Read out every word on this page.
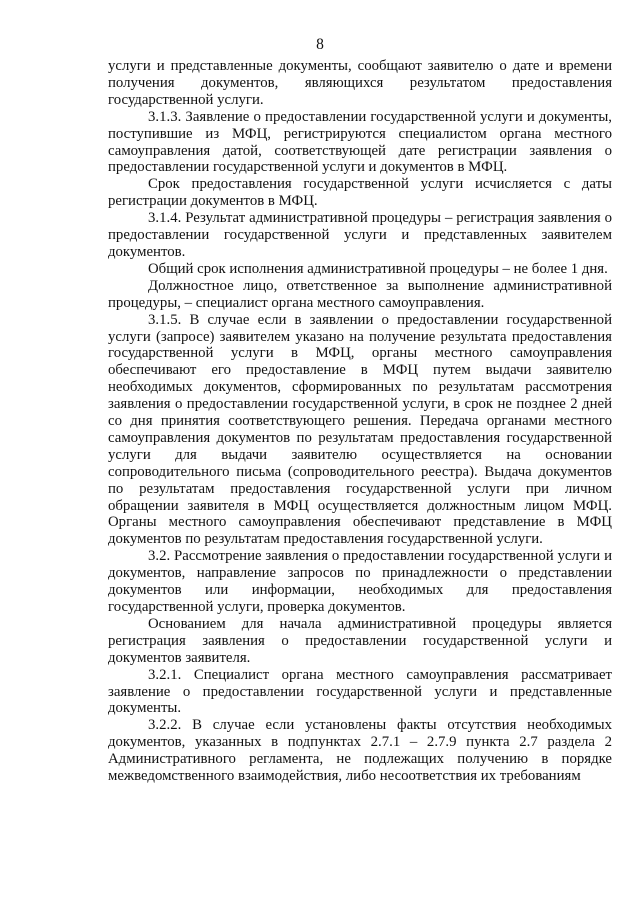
8

услуги и представленные документы, сообщают заявителю о дате и времени получения документов, являющихся результатом предоставления государственной услуги.

3.1.3. Заявление о предоставлении государственной услуги и документы, поступившие из МФЦ, регистрируются специалистом органа местного самоуправления датой, соответствующей дате регистрации заявления о предоставлении государственной услуги и документов в МФЦ.

Срок предоставления государственной услуги исчисляется с даты регистрации документов в МФЦ.

3.1.4. Результат административной процедуры – регистрация заявления о предоставлении государственной услуги и представленных заявителем документов.

Общий срок исполнения административной процедуры – не более 1 дня.

Должностное лицо, ответственное за выполнение административной процедуры, – специалист органа местного самоуправления.

3.1.5. В случае если в заявлении о предоставлении государственной услуги (запросе) заявителем указано на получение результата предоставления государственной услуги в МФЦ, органы местного самоуправления обеспечивают его предоставление в МФЦ путем выдачи заявителю необходимых документов, сформированных по результатам рассмотрения заявления о предоставлении государственной услуги, в срок не позднее 2 дней со дня принятия соответствующего решения. Передача органами местного самоуправления документов по результатам предоставления государственной услуги для выдачи заявителю осуществляется на основании сопроводительного письма (сопроводительного реестра). Выдача документов по результатам предоставления государственной услуги при личном обращении заявителя в МФЦ осуществляется должностным лицом МФЦ. Органы местного самоуправления обеспечивают представление в МФЦ документов по результатам предоставления государственной услуги.

3.2. Рассмотрение заявления о предоставлении государственной услуги и документов, направление запросов по принадлежности о представлении документов или информации, необходимых для предоставления государственной услуги, проверка документов.

Основанием для начала административной процедуры является регистрация заявления о предоставлении государственной услуги и документов заявителя.

3.2.1. Специалист органа местного самоуправления рассматривает заявление о предоставлении государственной услуги и представленные документы.

3.2.2. В случае если установлены факты отсутствия необходимых документов, указанных в подпунктах 2.7.1 – 2.7.9 пункта 2.7 раздела 2 Административного регламента, не подлежащих получению в порядке межведомственного взаимодействия, либо несоответствия их требованиям
